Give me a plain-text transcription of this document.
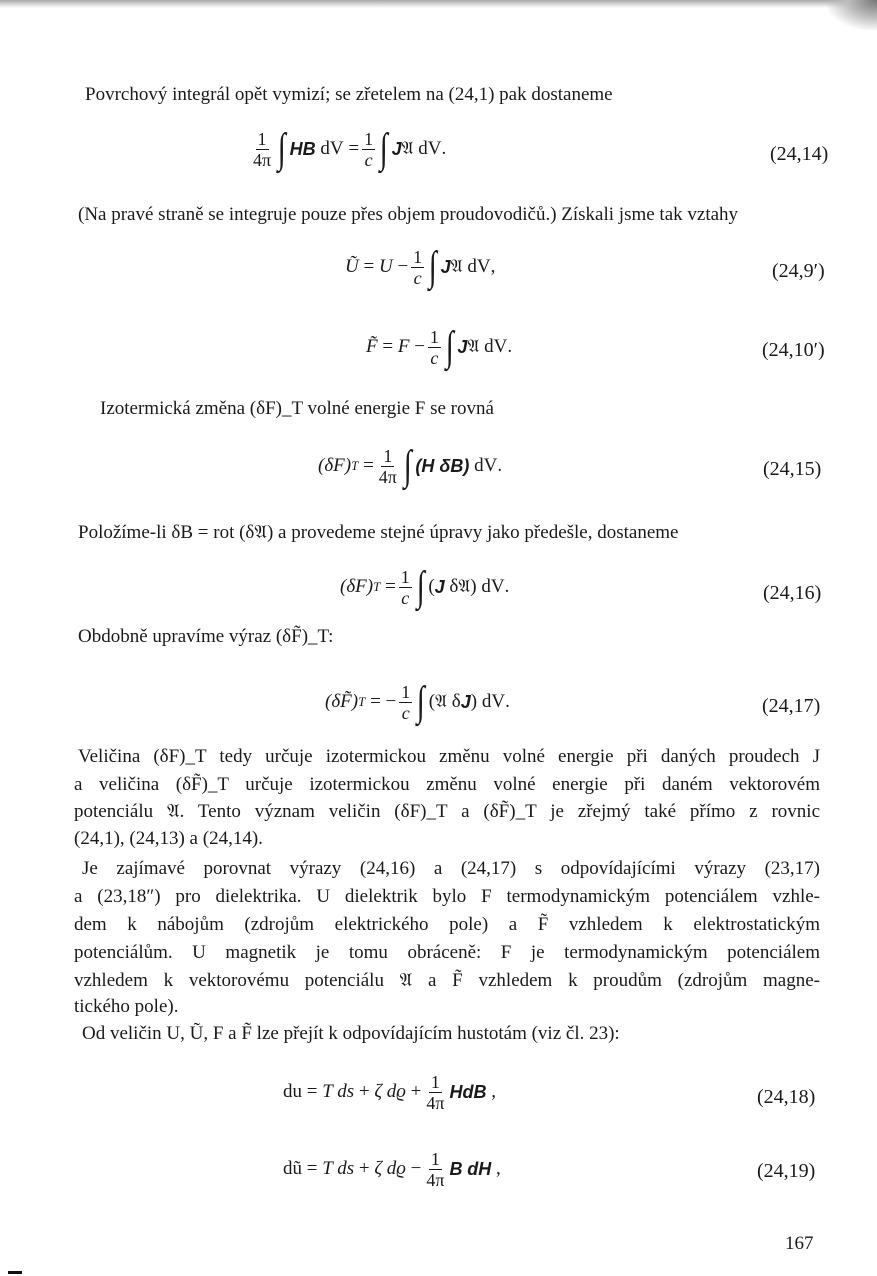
Povrchový integrál opět vymizí; se zřetelem na (24,1) pak dostaneme
$\frac{1}{4\pi}$ ∫ HB
dV
= $\frac{1}{c}$ ∫ J 𝔄
dV .	(24,14)
(Na pravé straně se integruje pouze přes objem proudovodičů.) Získali jsme tak vztahy
Ũ
=
U
− $\frac{1}{c}$ ∫ J 𝔄
dV ,	(24,9′)
F̃
=
F
− $\frac{1}{c}$ ∫ J 𝔄
dV .	(24,10′)
Izotermická změna (δF)_T volné energie F se rovná
(δF) T
= $\frac{1}{4\pi}$ ∫ (H δB)
dV .	(24,15)
Položíme-li δB = rot (δ𝔄) a provedeme stejné úpravy jako předešle, dostaneme
(δF) T
= $\frac{1}{c}$ ∫ ( J
δ 𝔄 ) dV .	(24,16)
Obdobně upravíme výraz (δF̃)_T:
(δF̃) T
=
− $\frac{1}{c}$ ∫ ( 𝔄
δ J ) dV .	(24,17)
Veličina (δF)_T tedy určuje izotermickou změnu volné energie při daných proudech J
a veličina (δF̃)_T určuje izotermickou změnu volné energie při daném vektorovém
potenciálu 𝔄. Tento význam veličin (δF)_T a (δF̃)_T je zřejmý také přímo z rovnic
(24,1), (24,13) a (24,14).
Je zajímavé porovnat výrazy (24,16) a (24,17) s odpovídajícími výrazy (23,17)
a (23,18″) pro dielektrika. U dielektrik bylo F termodynamickým potenciálem vzhle-
dem k nábojům (zdrojům elektrického pole) a F̃ vzhledem k elektrostatickým
potenciálům. U magnetik je tomu obráceně: F je termodynamickým potenciálem
vzhledem k vektorovému potenciálu 𝔄 a F̃ vzhledem k proudům (zdrojům magne-
tického pole).
Od veličin U, Ũ, F a F̃ lze přejít k odpovídajícím hustotám (viz čl. 23):
du
=
T ds
+
ζ dϱ
+ $\frac{1}{4\pi}$ H dB
,	(24,18)
dũ
=
T ds
+
ζ dϱ
− $\frac{1}{4\pi}$ B
dH
,	(24,19)
167
